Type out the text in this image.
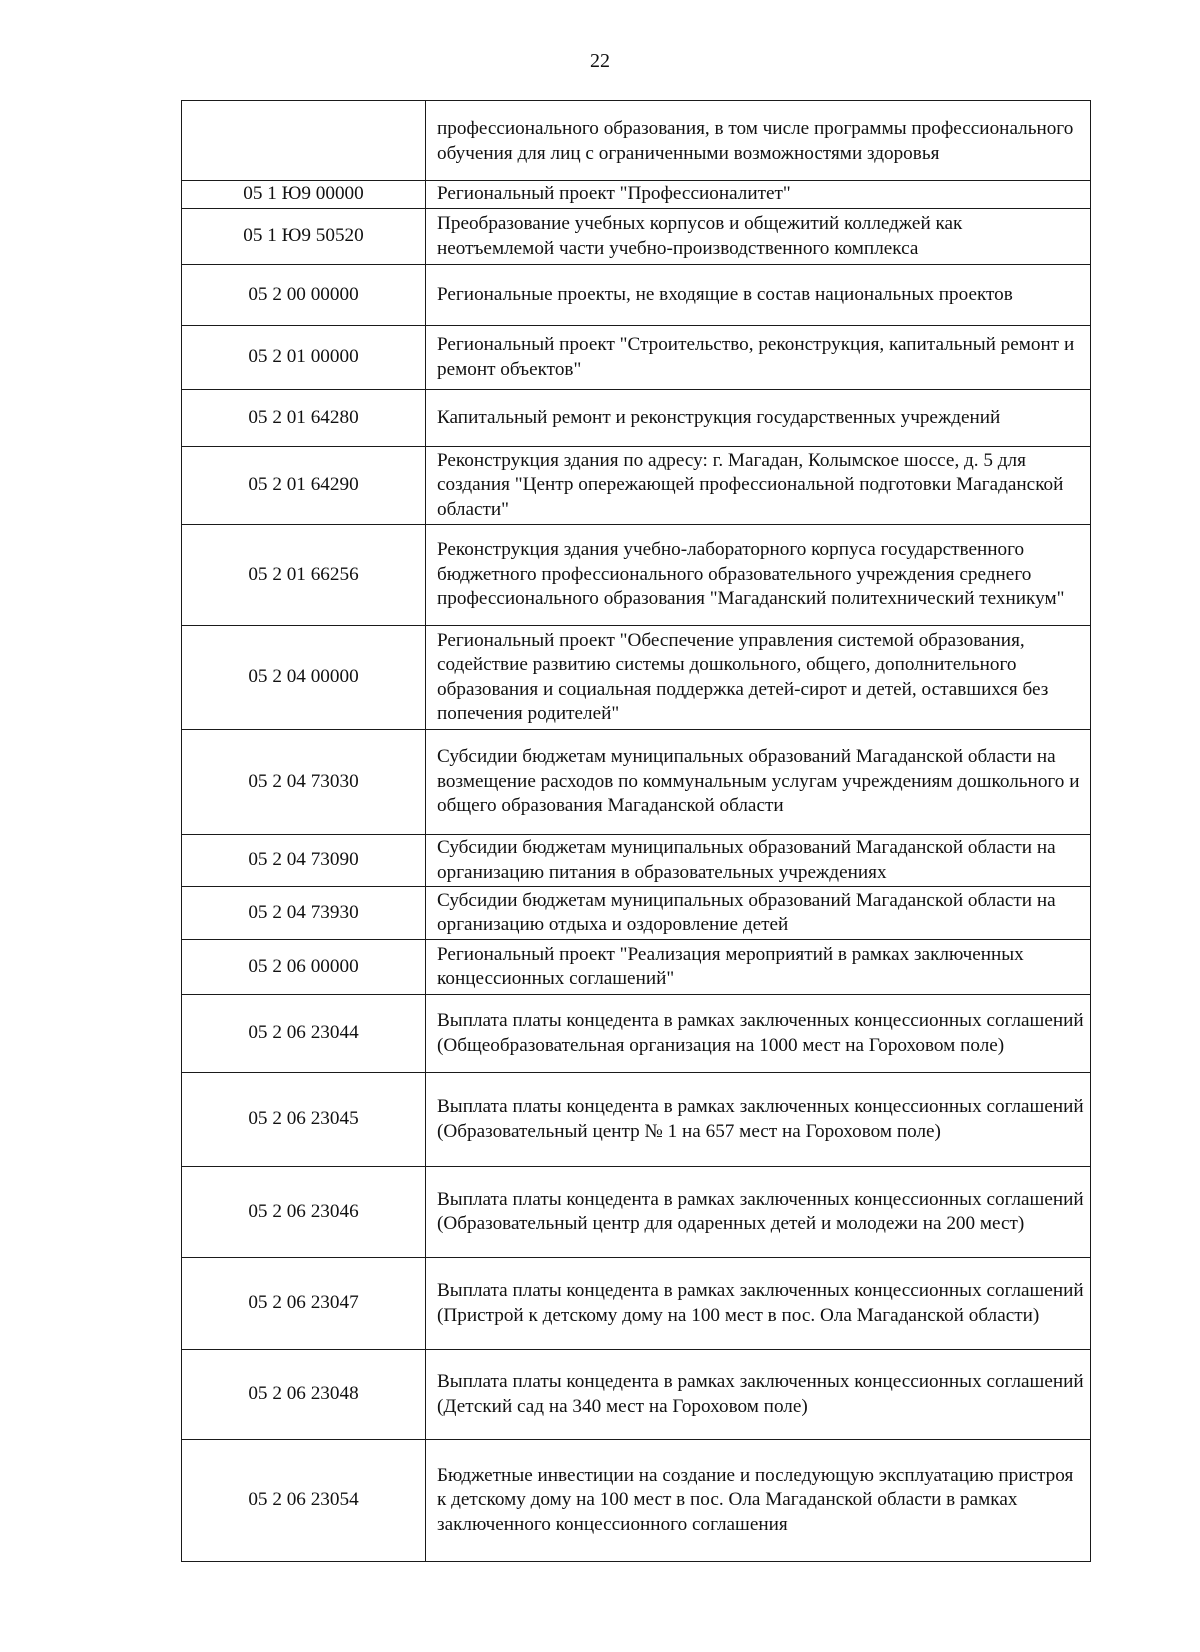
22
	профессионального образования, в том числе программы профессионального обучения для лиц с ограниченными возможностями здоровья
05 1 Ю9 00000	Региональный проект "Профессионалитет"
05 1 Ю9 50520	Преобразование учебных корпусов и общежитий колледжей как неотъемлемой части учебно-производственного комплекса
05 2 00 00000	Региональные проекты, не входящие в состав национальных проектов
05 2 01 00000	Региональный проект "Строительство, реконструкция, капитальный ремонт и ремонт объектов"
05 2 01 64280	Капитальный ремонт и реконструкция государственных учреждений
05 2 01 64290	Реконструкция здания по адресу: г. Магадан, Колымское шоссе, д. 5 для создания "Центр опережающей профессиональной подготовки Магаданской области"
05 2 01 66256	Реконструкция здания учебно-лабораторного корпуса государственного бюджетного профессионального образовательного учреждения среднего профессионального образования "Магаданский политехнический техникум"
05 2 04 00000	Региональный проект "Обеспечение управления системой образования, содействие развитию системы дошкольного, общего, дополнительного образования и социальная поддержка детей-сирот и детей, оставшихся без попечения родителей"
05 2 04 73030	Субсидии бюджетам муниципальных образований Магаданской области на возмещение расходов по коммунальным услугам учреждениям дошкольного и общего образования Магаданской области
05 2 04 73090	Субсидии бюджетам муниципальных образований Магаданской области на организацию питания в образовательных учреждениях
05 2 04 73930	Субсидии бюджетам муниципальных образований Магаданской области на организацию отдыха и оздоровление детей
05 2 06 00000	Региональный проект "Реализация мероприятий в рамках заключенных концессионных соглашений"
05 2 06 23044	Выплата платы концедента в рамках заключенных концессионных соглашений (Общеобразовательная организация на 1000 мест на Гороховом поле)
05 2 06 23045	Выплата платы концедента в рамках заключенных концессионных соглашений (Образовательный центр № 1 на 657 мест на Гороховом поле)
05 2 06 23046	Выплата платы концедента в рамках заключенных концессионных соглашений (Образовательный центр для одаренных детей и молодежи на 200 мест)
05 2 06 23047	Выплата платы концедента в рамках заключенных концессионных соглашений (Пристрой к детскому дому на 100 мест в пос. Ола Магаданской области)
05 2 06 23048	Выплата платы концедента в рамках заключенных концессионных соглашений (Детский сад на 340 мест на Гороховом поле)
05 2 06 23054	Бюджетные инвестиции на создание и последующую эксплуатацию пристроя к детскому дому на 100 мест в пос. Ола Магаданской области в рамках заключенного концессионного соглашения
